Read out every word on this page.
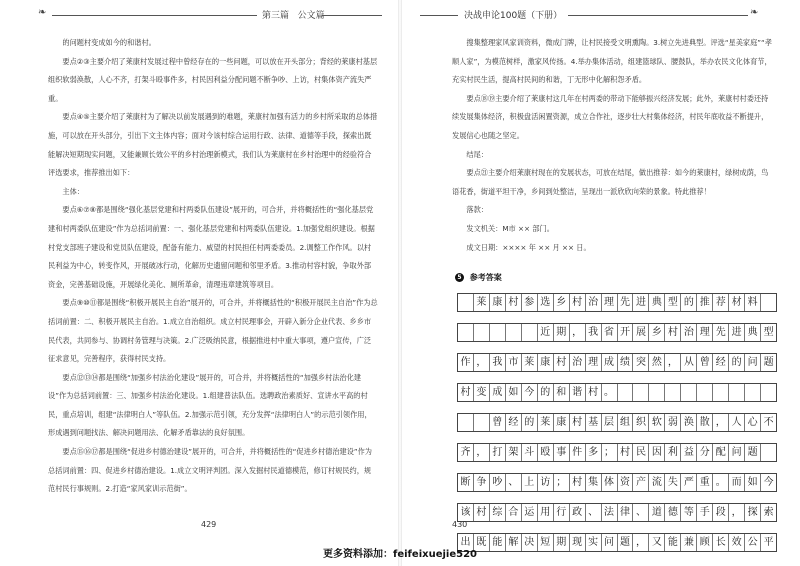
❧	第三篇 公文篇

的问题村变成如今的和谐村。

要点②③主要介绍了莱康村发展过程中曾经存在的一些问题，可以放在开头部分；背经的莱康村基层组织软弱涣散，人心不齐，打架斗殴事件多，村民因利益分配问题不断争吵、上访，村集体资产流失严重。

要点④⑤主要介绍了莱康村为了解决以前发展遇到的难题，莱康村加强有活力的乡村所采取的总体措施，可以放在开头部分，引出下文主体内容；面对今该村综合运用行政、法律、道德等手段，探索出既能解决短期现实问题，又能兼顾长效公平的乡村治理新模式，我们认为莱康村在乡村治理中的经验符合评选要求，推荐推出如下：

主体：

要点⑥⑦⑧都是围绕“强化基层党建和村两委队伍建设”展开的，可合并，并将概括性的“强化基层党建和村两委队伍建设”作为总括词前置：一、强化基层党建和村两委队伍建设。1.加强党组织建设。根据村党支部班子建设和党员队伍建设，配备有能力、威望的村民担任村两委委员。2.调整工作作风。以村民利益为中心，转变作风，开展破冰行动，化解历史遗留问题和邻里矛盾。3.推动村容村貌，争取外部资金，完善基础设施，开展绿化美化、厕所革命，清理违章建筑等项目。

要点⑨⑩⑪都是围绕“积极开展民主自治”展开的，可合并，并将概括性的“积极开展民主自治”作为总括词前置：二、积极开展民主自治。1.成立自治组织。成立村民理事会，开辟入新分企业代表、乡乡市民代表，共同参与、协调村务管理与决策。2.广泛吸纳民意，根据推进村中重大事项，遵户宣传，广泛征求意见，完善程序，获得村民支持。

要点⑫⑬⑭都是围绕“加强乡村法治化建设”展开的，可合并，并将概括性的“加强乡村法治化建设”作为总括词前置：三、加强乡村法治化建设。1.组建普法队伍。选聘政治素质好、宣讲水平高的村民，重点培训，组建“法律明白人”等队伍。2.加强示范引领，充分发挥“法律明白人”的示范引领作用，形成遇到问题找法、解决问题用法、化解矛盾靠法的良好氛围。

要点⑮⑯⑰都是围绕“促进乡村德治建设”展开的，可合并，并将概括性的“促进乡村德治建设”作为总括词前置：四、促进乡村德治建设。1.成立文明评判团。深入发掘村民道德模范，修订村规民约，规范村民行事规则。2.打造“家风家训示范街”。

429
决战申论100题（下册）	❧

搜集整理家风家训资料，微成门牌，让村民接受文明熏陶。3.树立先进典型。评选“星美家庭”“孝顺人家”，为模范树样，激家风传扬。4.举办集体活动，组建篮球队、腰鼓队，举办农民文化体育节，充实村民生活，提高村民间的和谐，丁无形中化解积怨矛盾。

要点⑱⑲主要介绍了莱康村这几年在村两委的带动下能够振兴经济发展；此外，莱康村村委还持续发展集体经济，积极盘活闲置资源，成立合作社，逐步壮大村集体经济，村民年底收益不断提升，发展信心也随之坚定。

结尾：

要点㉑主要介绍莱康村现在的发展状态，可放在结尾，做出推荐：如今的莱康村，绿树成荫，鸟语花香，街道平坦干净，乡间到处整洁，呈现出一派欣欣向荣的景象。特此推荐！

落款：

发文机关：M市 ×× 部门。

成文日期：×××× 年 ×× 月 ×× 日。

5 参考答案
莱 康 村 参 选 乡 村 治 理 先 进 典 型 的 推 荐 材 料
近 期 ， 我 省 开 展 乡 村 治 理 先 进 典 型
作 ， 我 市 莱 康 村 治 理 成 绩 突 然 ， 从 曾 经 的 问 题
村 变 成 如 今 的 和 谐 村 。
曾 经 的 莱 康 村 基 层 组 织 软 弱 涣 散 ， 人 心 不
齐 ， 打 架 斗 殴 事 件 多 ； 村 民 因 利 益 分 配 问 题
断 争 吵 、 上 访 ； 村 集 体 资 产 流 失 严 重 。 而 如 今
该 村 综 合 运 用 行 政 、 法 律 、 道 德 等 手 段 ， 探 索
出 既 能 解 决 短 期 现 实 问 题 ， 又 能 兼 顾 长 效 公 平
430
更多资料添加：feifeixuejie520
